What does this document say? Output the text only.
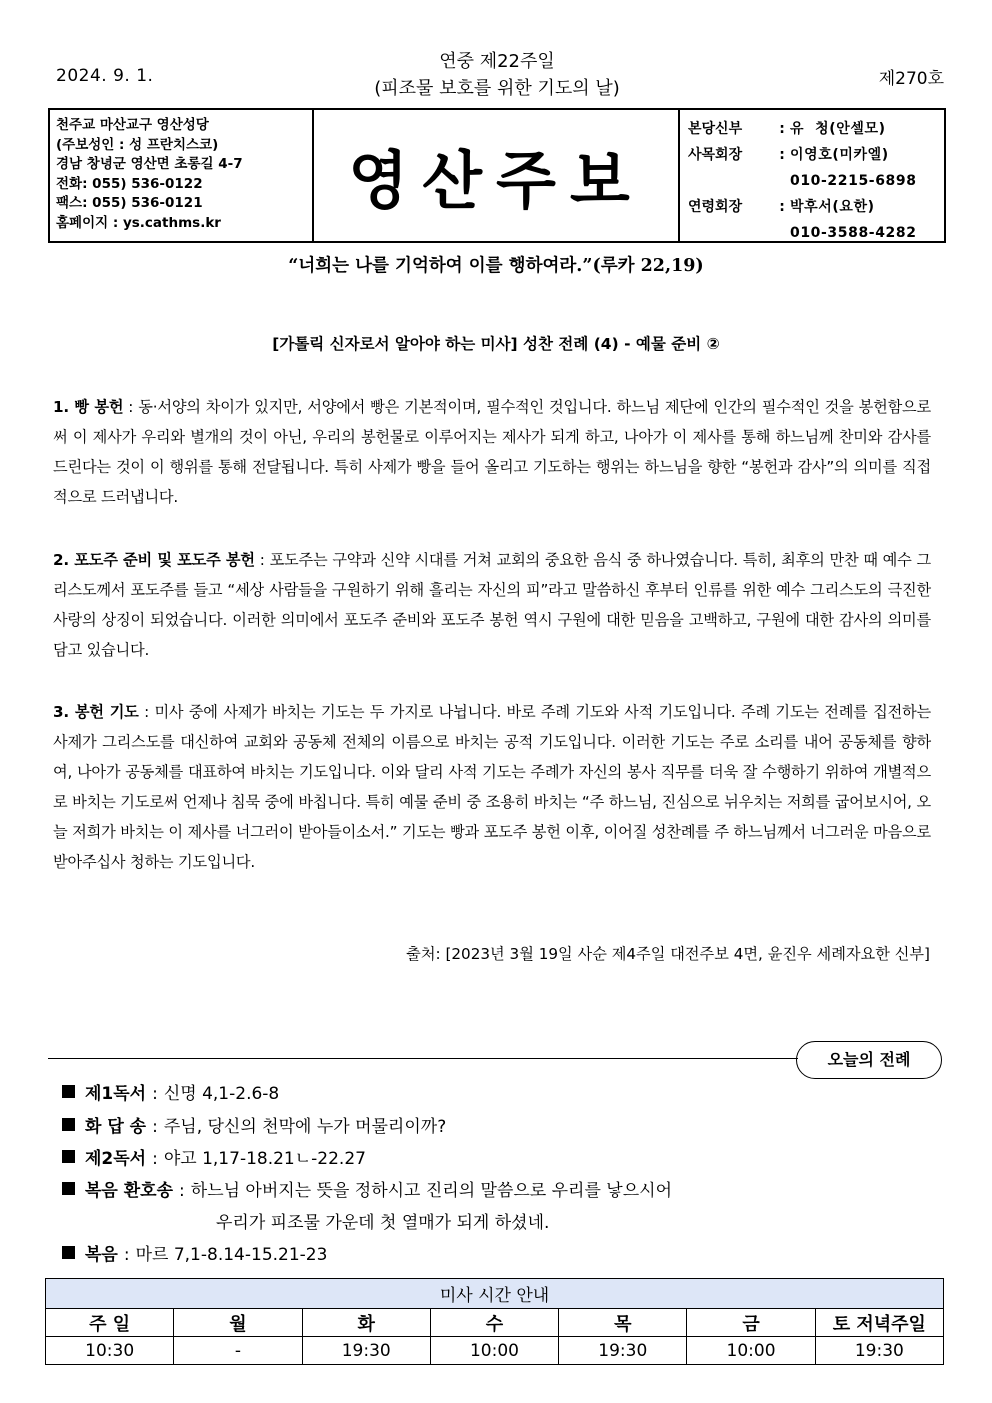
2024. 9. 1.
연중 제22주일
(피조물 보호를 위한 기도의 날)	제270호
천주교 마산교구 영산성당
(주보성인 : 성 프란치스코)
경남 창녕군 영산면 초롱길 4-7
전화: 055) 536-0122
팩스: 055) 536-0121
홈페이지 : ys.cathms.kr
영산주보
본당신부	: 유  청(안셀모)
사목회장	: 이영호(미카엘)
010-2215-6898
연령회장	: 박후서(요한)
010-3588-4282
“너희는 나를 기억하여 이를 행하여라.”(루카 22,19)
[가톨릭 신자로서 알아야 하는 미사] 성찬 전례 (4) - 예물 준비 ②
1. 빵 봉헌 : 동·서양의 차이가 있지만, 서양에서 빵은 기본적이며, 필수적인 것입니다. 하느님 제단에 인간의 필수적인 것을 봉헌함으로써 이 제사가 우리와 별개의 것이 아닌, 우리의 봉헌물로 이루어지는 제사가 되게 하고, 나아가 이 제사를 통해 하느님께 찬미와 감사를 드린다는 것이 이 행위를 통해 전달됩니다. 특히 사제가 빵을 들어 올리고 기도하는 행위는 하느님을 향한 “봉헌과 감사”의 의미를 직접적으로 드러냅니다.
2. 포도주 준비 및 포도주 봉헌 : 포도주는 구약과 신약 시대를 거쳐 교회의 중요한 음식 중 하나였습니다. 특히, 최후의 만찬 때 예수 그리스도께서 포도주를 들고 “세상 사람들을 구원하기 위해 흘리는 자신의 피”라고 말씀하신 후부터 인류를 위한 예수 그리스도의 극진한 사랑의 상징이 되었습니다. 이러한 의미에서 포도주 준비와 포도주 봉헌 역시 구원에 대한 믿음을 고백하고, 구원에 대한 감사의 의미를 담고 있습니다.
3. 봉헌 기도 : 미사 중에 사제가 바치는 기도는 두 가지로 나뉩니다. 바로 주례 기도와 사적 기도입니다. 주례 기도는 전례를 집전하는 사제가 그리스도를 대신하여 교회와 공동체 전체의 이름으로 바치는 공적 기도입니다. 이러한 기도는 주로 소리를 내어 공동체를 향하여, 나아가 공동체를 대표하여 바치는 기도입니다. 이와 달리 사적 기도는 주례가 자신의 봉사 직무를 더욱 잘 수행하기 위하여 개별적으로 바치는 기도로써 언제나 침묵 중에 바칩니다. 특히 예물 준비 중 조용히 바치는 “주 하느님, 진심으로 뉘우치는 저희를 굽어보시어, 오늘 저희가 바치는 이 제사를 너그러이 받아들이소서.” 기도는 빵과 포도주 봉헌 이후, 이어질 성찬례를 주 하느님께서 너그러운 마음으로 받아주십사 청하는 기도입니다.
출처: [2023년 3월 19일 사순 제4주일 대전주보 4면, 윤진우 세례자요한 신부]
오늘의 전례
제1독서 : 신명 4,1-2.6-8
화 답 송 : 주님, 당신의 천막에 누가 머물리이까?
제2독서 : 야고 1,17-18.21ㄴ-22.27
복음 환호송 : 하느님 아버지는 뜻을 정하시고 진리의 말씀으로 우리를 낳으시어
우리가 피조물 가운데 첫 열매가 되게 하셨네.
복음 : 마르 7,1-8.14-15.21-23
미사 시간 안내						
주 일	월	화	수	목	금	토 저녁주일
10:30	-	19:30	10:00	19:30	10:00	19:30
